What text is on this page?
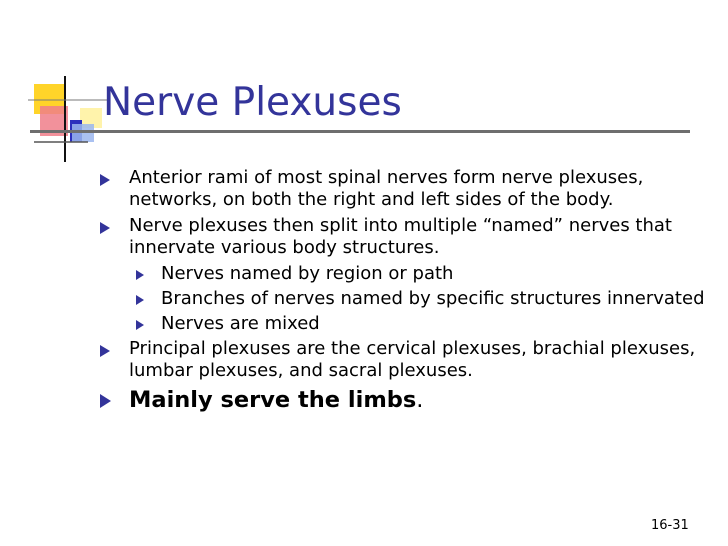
Nerve Plexuses
Anterior rami of most spinal nerves form nerve plexuses, networks, on both the right and left sides of the body.
Nerve plexuses then split into multiple “named” nerves that innervate various body structures.
Nerves named by region or path
Branches of nerves named by specific structures innervated
Nerves are mixed
Principal plexuses are the cervical plexuses, brachial plexuses, lumbar plexuses, and sacral plexuses.
Mainly serve the limbs.
16-31
